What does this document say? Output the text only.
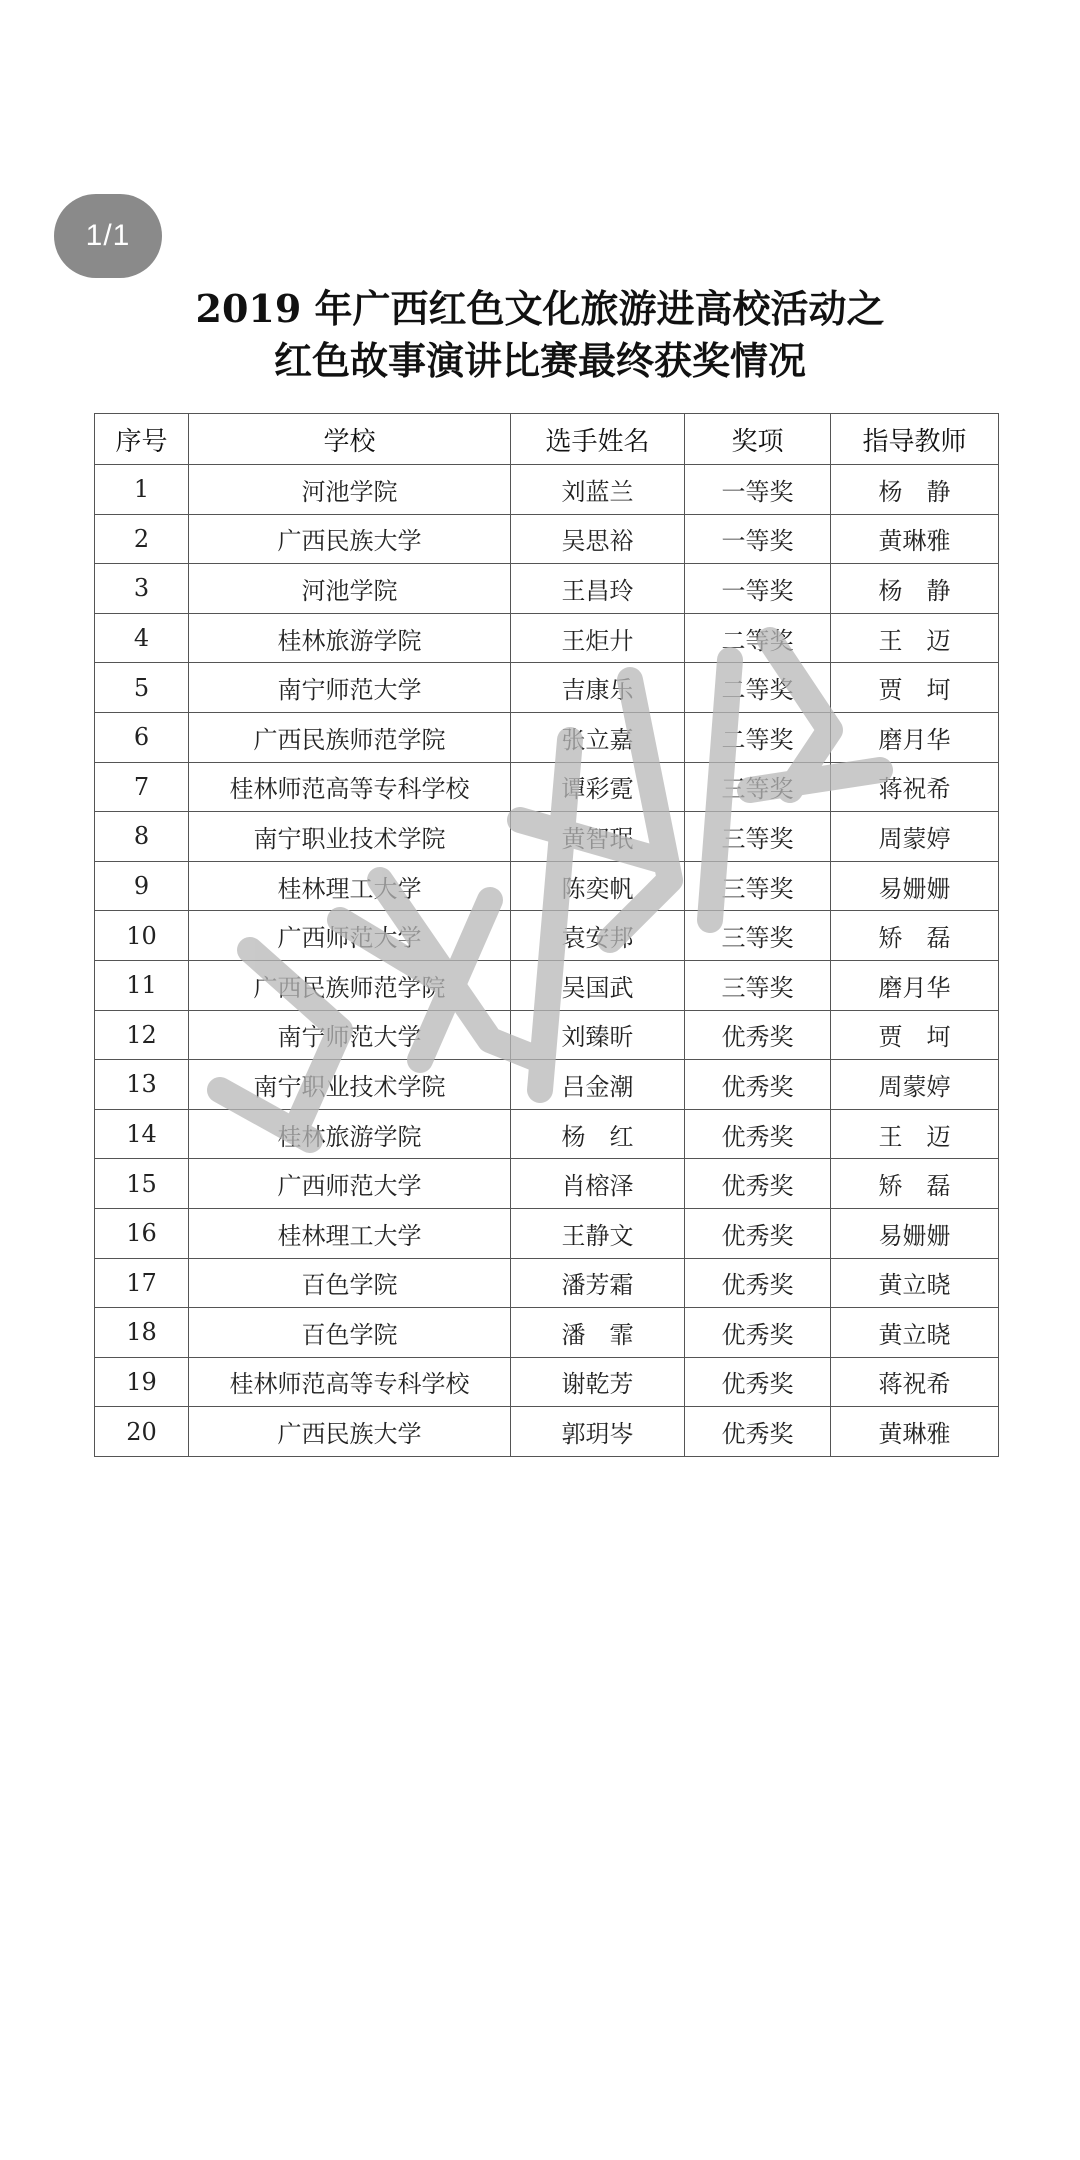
1/1
2019 年广西红色文化旅游进高校活动之
红色故事演讲比赛最终获奖情况
序号	学校	选手姓名	奖项	指导教师
1	河池学院	刘蓝兰	一等奖	杨　静
2	广西民族大学	吴思裕	一等奖	黄琳雅
3	河池学院	王昌玲	一等奖	杨　静
4	桂林旅游学院	王炬廾	二等奖	王　迈
5	南宁师范大学	吉康乐	二等奖	贾　坷
6	广西民族师范学院	张立嘉	二等奖	磨月华
7	桂林师范高等专科学校	谭彩霓	三等奖	蒋祝希
8	南宁职业技术学院	黄智珉	三等奖	周蒙婷
9	桂林理工大学	陈奕帆	三等奖	易姗姗
10	广西师范大学	袁安邦	三等奖	矫　磊
11	广西民族师范学院	吴国武	三等奖	磨月华
12	南宁师范大学	刘臻昕	优秀奖	贾　坷
13	南宁职业技术学院	吕金潮	优秀奖	周蒙婷
14	桂林旅游学院	杨　红	优秀奖	王　迈
15	广西师范大学	肖榕泽	优秀奖	矫　磊
16	桂林理工大学	王静文	优秀奖	易姗姗
17	百色学院	潘芳霜	优秀奖	黄立晓
18	百色学院	潘　霏	优秀奖	黄立晓
19	桂林师范高等专科学校	谢乾芳	优秀奖	蒋祝希
20	广西民族大学	郭玥岑	优秀奖	黄琳雅
